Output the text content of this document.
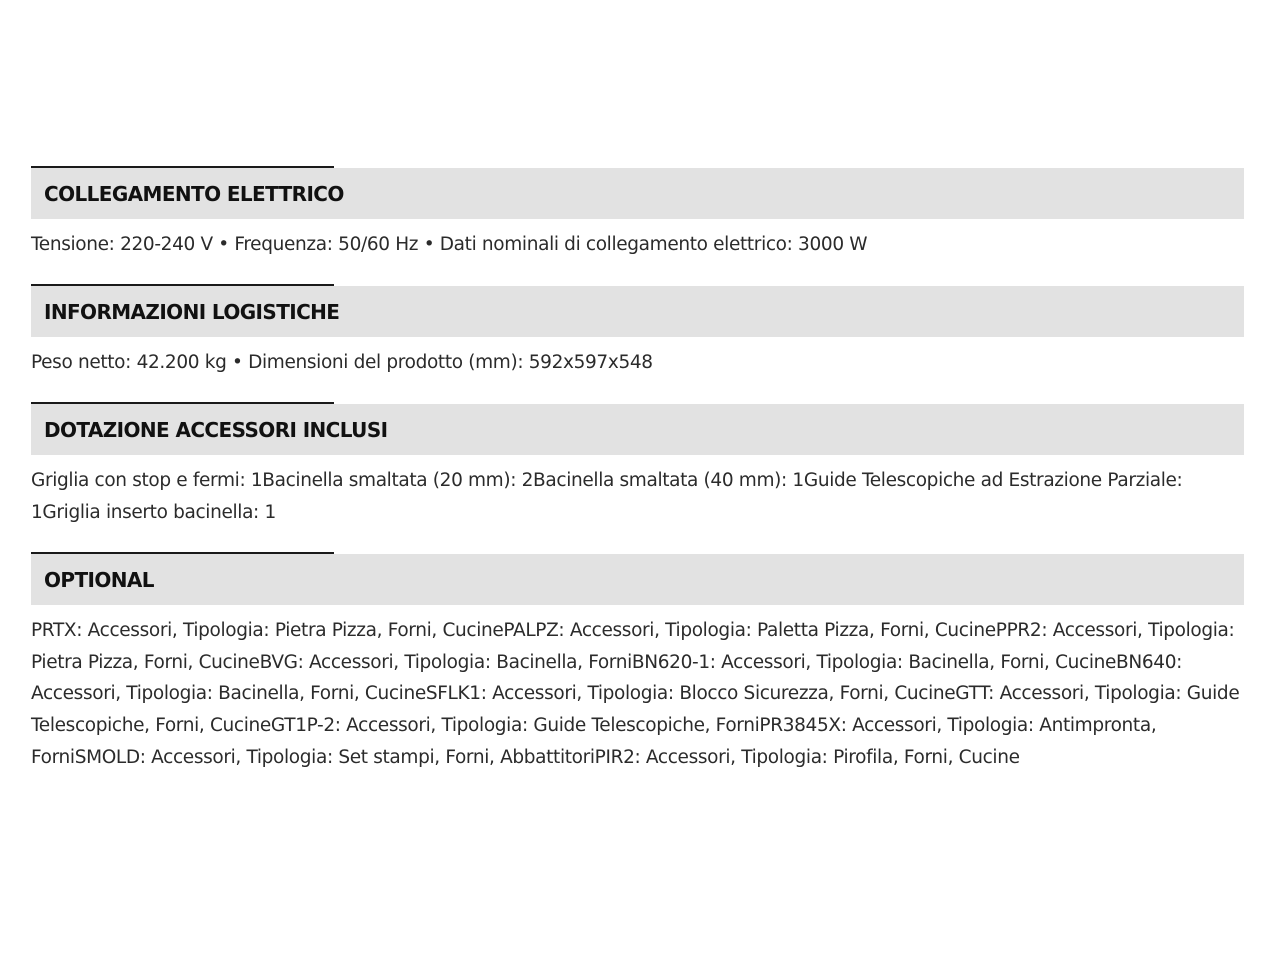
COLLEGAMENTO ELETTRICO
Tensione: 220-240 V • Frequenza: 50/60 Hz • Dati nominali di collegamento elettrico: 3000 W
INFORMAZIONI LOGISTICHE
Peso netto: 42.200 kg • Dimensioni del prodotto (mm): 592x597x548
DOTAZIONE ACCESSORI INCLUSI
Griglia con stop e fermi: 1Bacinella smaltata (20 mm): 2Bacinella smaltata (40 mm): 1Guide Telescopiche ad Estrazione Parziale: 1Griglia inserto bacinella: 1
OPTIONAL
PRTX: Accessori, Tipologia: Pietra Pizza, Forni, CucinePALPZ: Accessori, Tipologia: Paletta Pizza, Forni, CucinePPR2: Accessori, Tipologia: Pietra Pizza, Forni, CucineBVG: Accessori, Tipologia: Bacinella, ForniBN620-1: Accessori, Tipologia: Bacinella, Forni, CucineBN640: Accessori, Tipologia: Bacinella, Forni, CucineSFLK1: Accessori, Tipologia: Blocco Sicurezza, Forni, CucineGTT: Accessori, Tipologia: Guide Telescopiche, Forni, CucineGT1P-2: Accessori, Tipologia: Guide Telescopiche, ForniPR3845X: Accessori, Tipologia: Antimpronta, ForniSMOLD: Accessori, Tipologia: Set stampi, Forni, AbbattitoriPIR2: Accessori, Tipologia: Pirofila, Forni, Cucine
